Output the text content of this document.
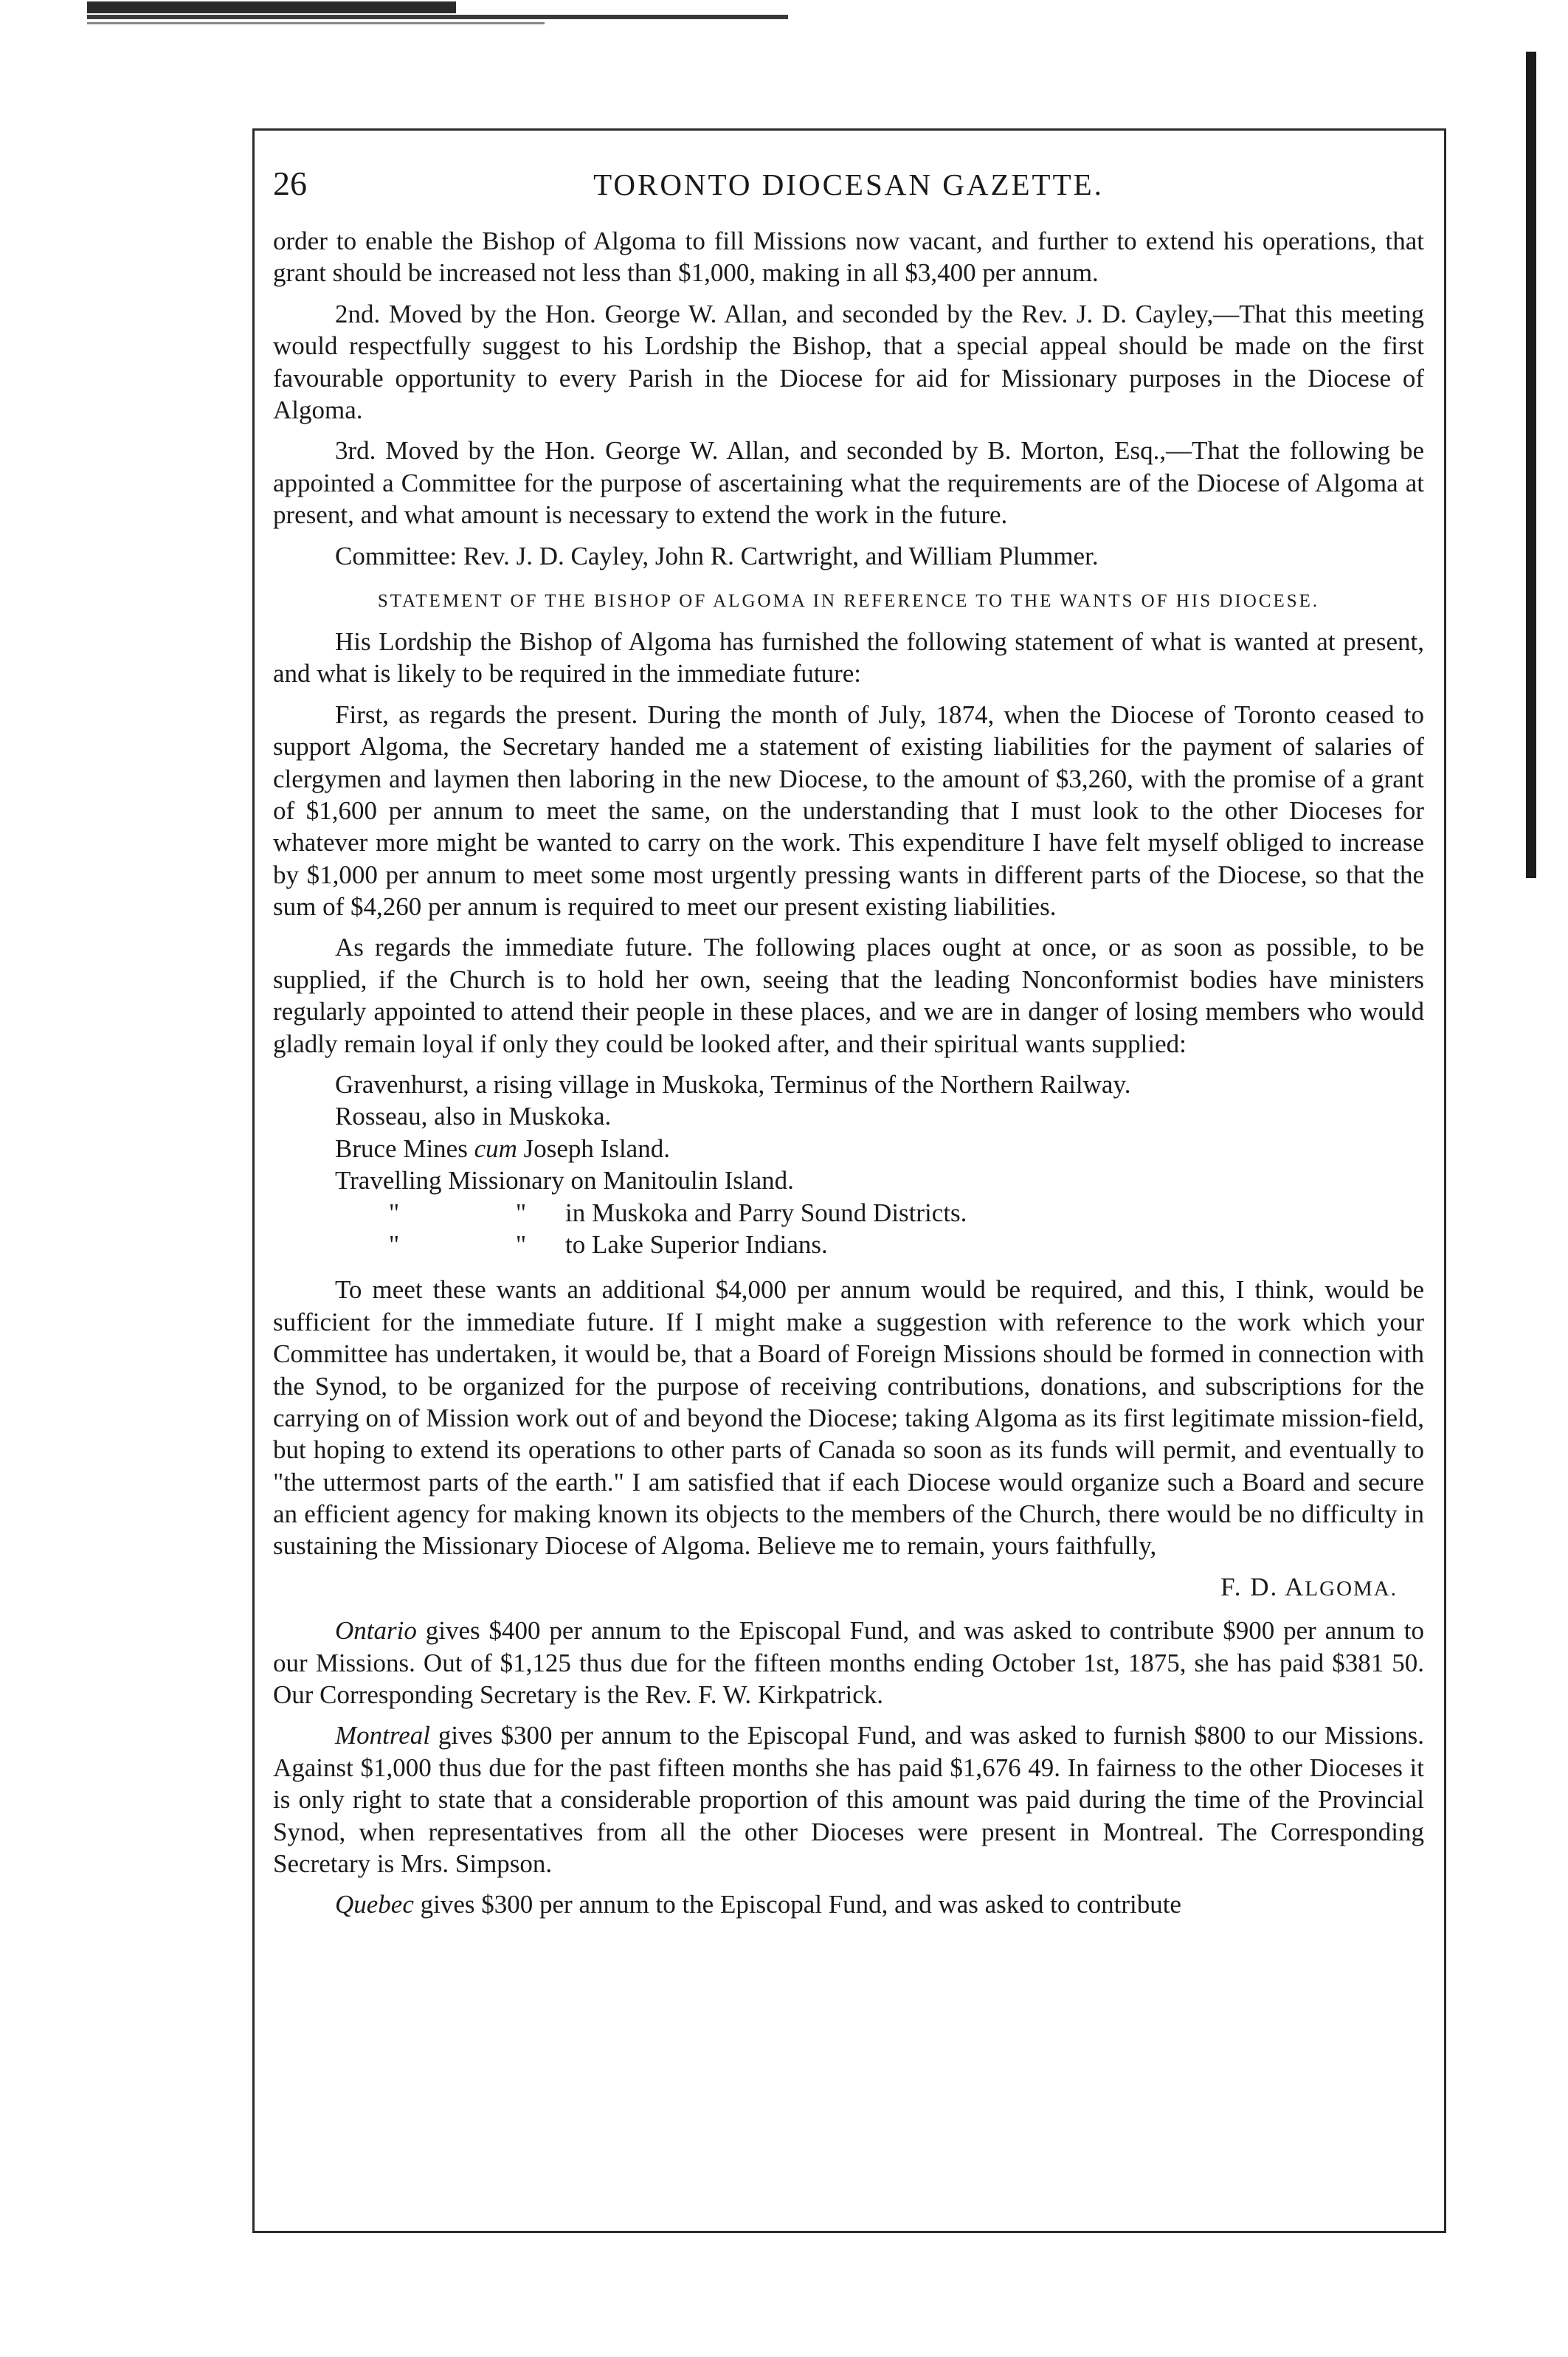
26	TORONTO DIOCESAN GAZETTE.

order to enable the Bishop of Algoma to fill Missions now vacant, and further to extend his operations, that grant should be increased not less than $1,000, making in all $3,400 per annum.

2nd. Moved by the Hon. George W. Allan, and seconded by the Rev. J. D. Cayley,—That this meeting would respectfully suggest to his Lordship the Bishop, that a special appeal should be made on the first favourable opportunity to every Parish in the Diocese for aid for Missionary purposes in the Diocese of Algoma.

3rd. Moved by the Hon. George W. Allan, and seconded by B. Morton, Esq.,—That the following be appointed a Committee for the purpose of ascertaining what the requirements are of the Diocese of Algoma at present, and what amount is necessary to extend the work in the future.

Committee: Rev. J. D. Cayley, John R. Cartwright, and William Plummer.

STATEMENT OF THE BISHOP OF ALGOMA IN REFERENCE TO THE WANTS OF HIS DIOCESE.

His Lordship the Bishop of Algoma has furnished the following statement of what is wanted at present, and what is likely to be required in the immediate future:

First, as regards the present. During the month of July, 1874, when the Diocese of Toronto ceased to support Algoma, the Secretary handed me a statement of existing liabilities for the payment of salaries of clergymen and laymen then laboring in the new Diocese, to the amount of $3,260, with the promise of a grant of $1,600 per annum to meet the same, on the understanding that I must look to the other Dioceses for whatever more might be wanted to carry on the work. This expenditure I have felt myself obliged to increase by $1,000 per annum to meet some most urgently pressing wants in different parts of the Diocese, so that the sum of $4,260 per annum is required to meet our present existing liabilities.

As regards the immediate future. The following places ought at once, or as soon as possible, to be supplied, if the Church is to hold her own, seeing that the leading Nonconformist bodies have ministers regularly appointed to attend their people in these places, and we are in danger of losing members who would gladly remain loyal if only they could be looked after, and their spiritual wants supplied:

Gravenhurst, a rising village in Muskoka, Terminus of the Northern Railway.
Rosseau, also in Muskoka.
Bruce Mines cum Joseph Island.
Travelling Missionary on Manitoulin Island.
"	" in Muskoka and Parry Sound Districts.
"	" to Lake Superior Indians.

To meet these wants an additional $4,000 per annum would be required, and this, I think, would be sufficient for the immediate future. If I might make a suggestion with reference to the work which your Committee has undertaken, it would be, that a Board of Foreign Missions should be formed in connection with the Synod, to be organized for the purpose of receiving contributions, donations, and subscriptions for the carrying on of Mission work out of and beyond the Diocese; taking Algoma as its first legitimate mission-field, but hoping to extend its operations to other parts of Canada so soon as its funds will permit, and eventually to "the uttermost parts of the earth." I am satisfied that if each Diocese would organize such a Board and secure an efficient agency for making known its objects to the members of the Church, there would be no difficulty in sustaining the Missionary Diocese of Algoma. Believe me to remain, yours faithfully,

F. D. ALGOMA.

Ontario gives $400 per annum to the Episcopal Fund, and was asked to contribute $900 per annum to our Missions. Out of $1,125 thus due for the fifteen months ending October 1st, 1875, she has paid $381 50. Our Corresponding Secretary is the Rev. F. W. Kirkpatrick.

Montreal gives $300 per annum to the Episcopal Fund, and was asked to furnish $800 to our Missions. Against $1,000 thus due for the past fifteen months she has paid $1,676 49. In fairness to the other Dioceses it is only right to state that a considerable proportion of this amount was paid during the time of the Provincial Synod, when representatives from all the other Dioceses were present in Montreal. The Corresponding Secretary is Mrs. Simpson.

Quebec gives $300 per annum to the Episcopal Fund, and was asked to contribute
